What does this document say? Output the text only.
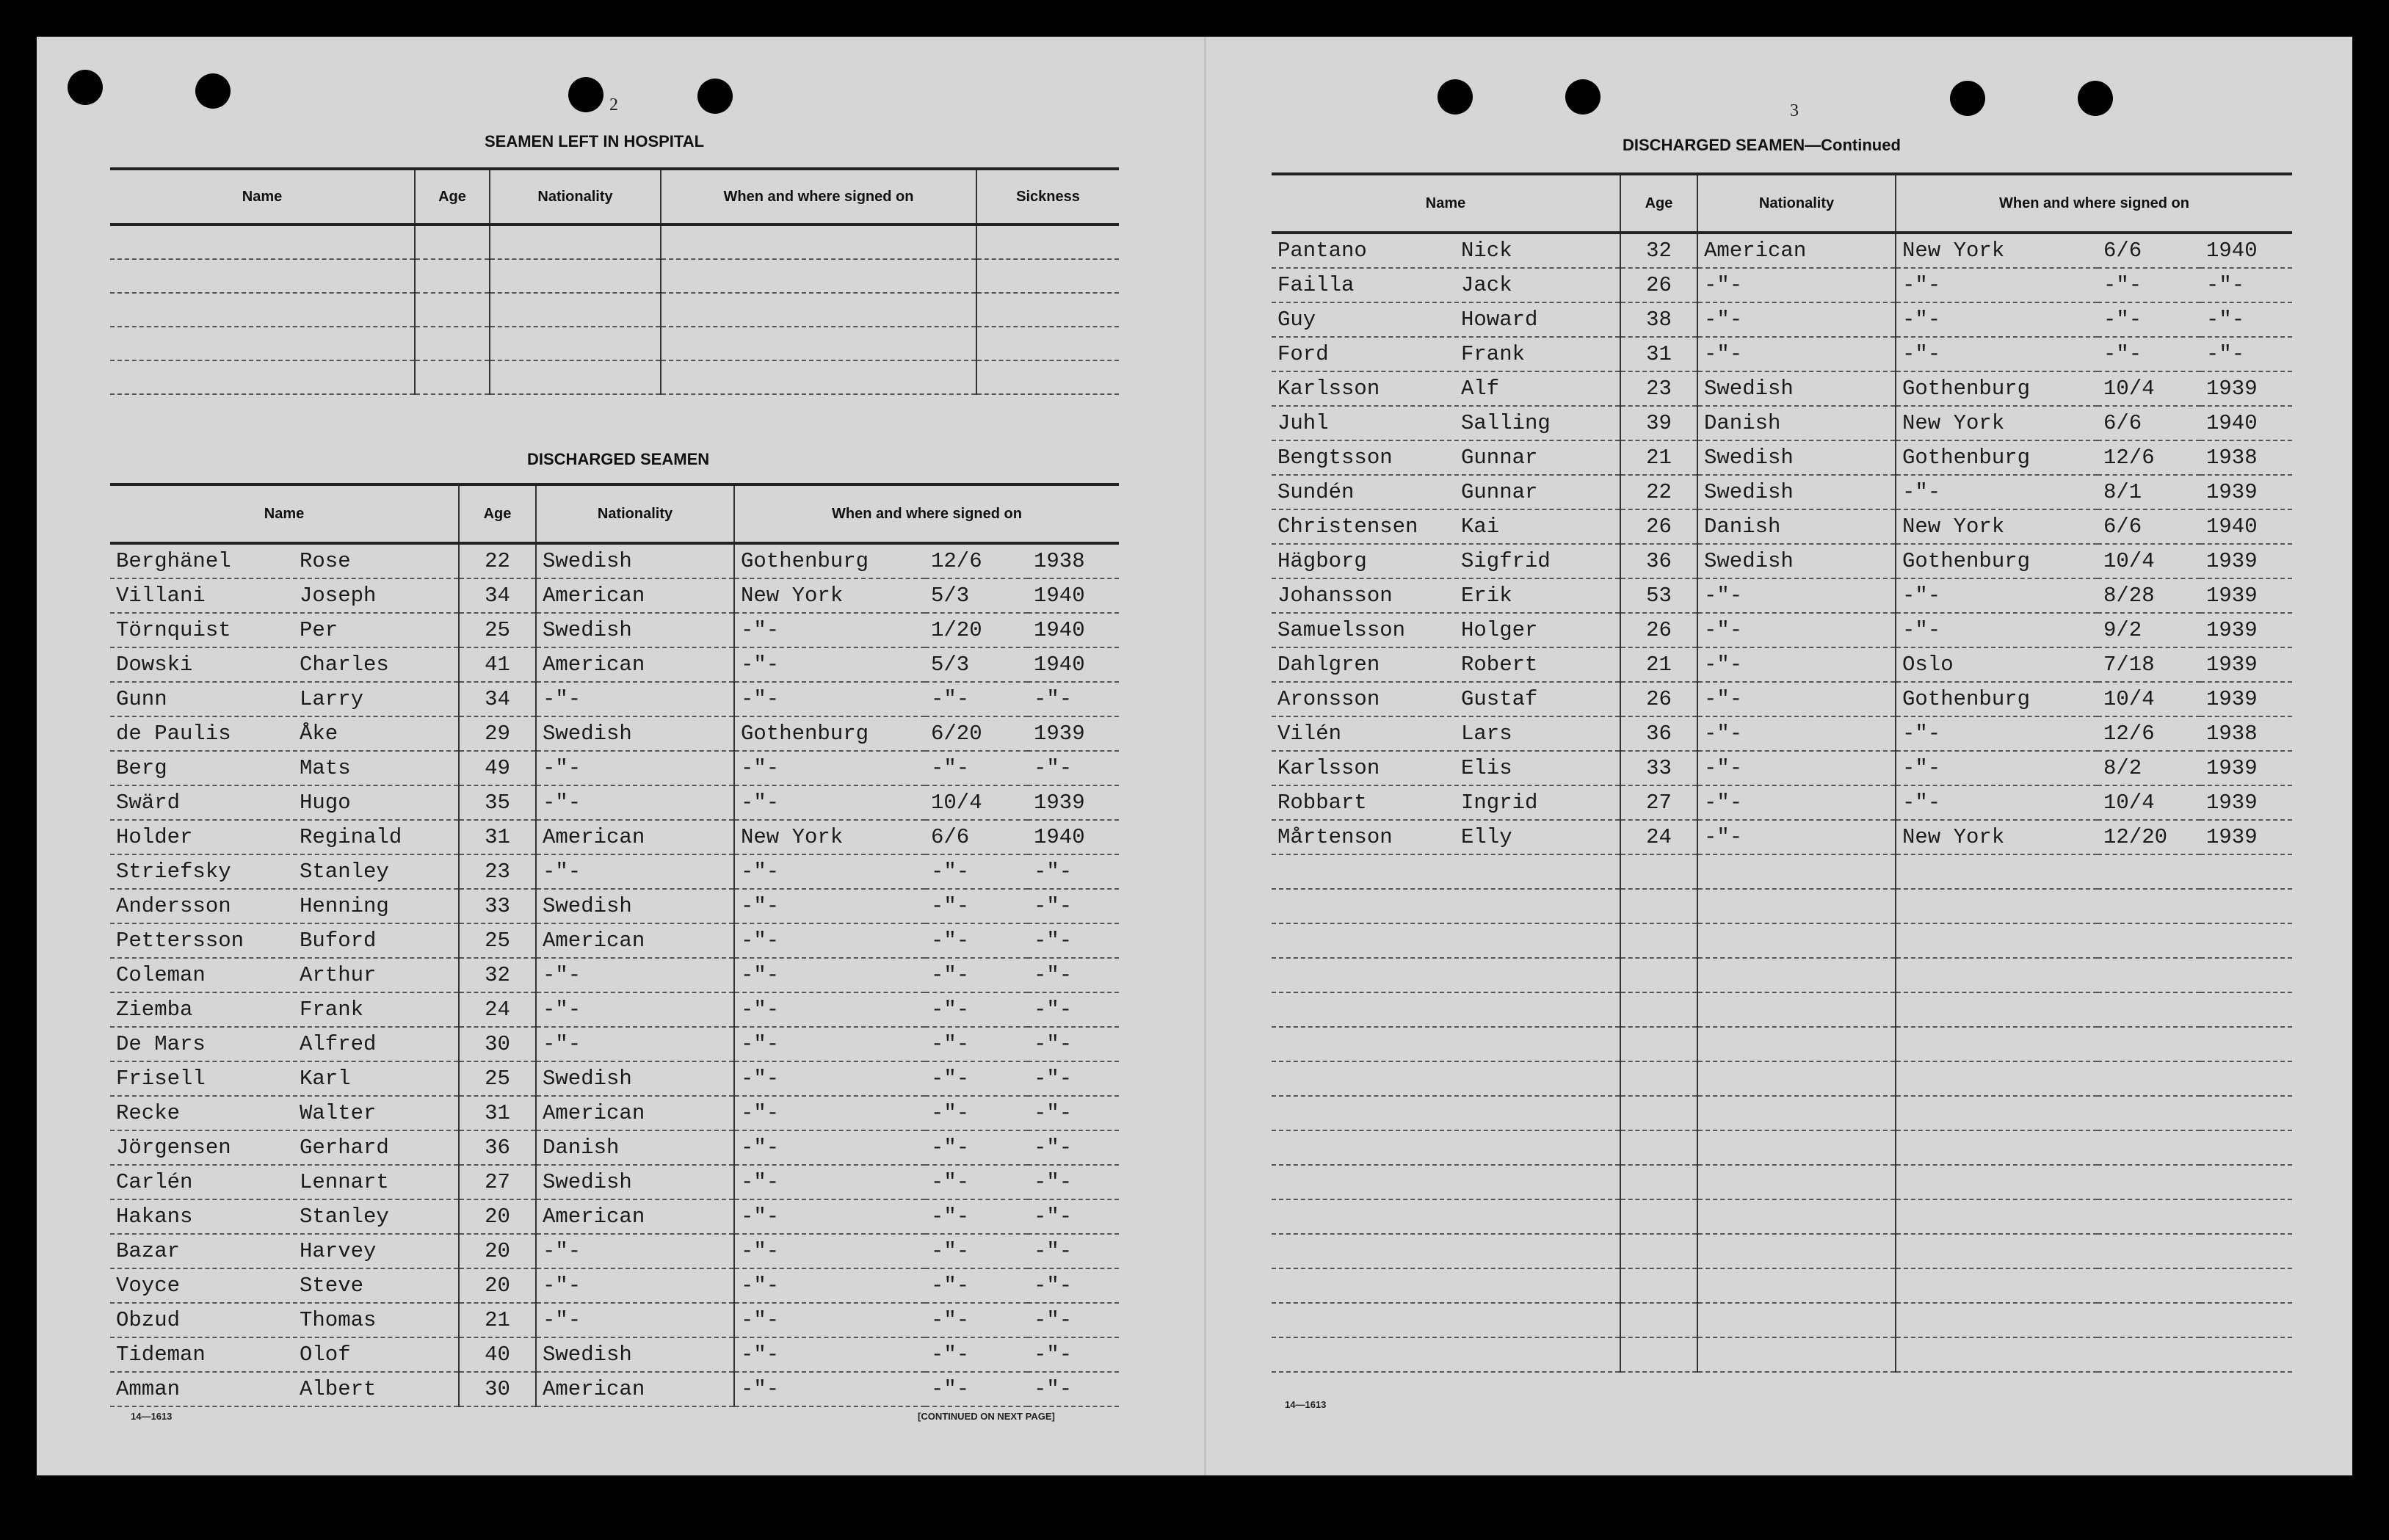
2
SEAMEN LEFT IN HOSPITAL
Name	Age	Nationality	When and where signed on	Sickness

DISCHARGED SEAMEN
Name	Age	Nationality	When and where signed on		
Berghänel Rose	22	Swedish	Gothenburg	12/6	1938
Villani Joseph	34	American	New York	5/3	1940
Törnquist Per	25	Swedish	-"-	1/20	1940
Dowski Charles	41	American	-"-	5/3	1940
Gunn Larry	34	-"-	-"-	-"-	-"-
de Paulis Åke	29	Swedish	Gothenburg	6/20	1939
Berg Mats	49	-"-	-"-	-"-	-"-
Swärd Hugo	35	-"-	-"-	10/4	1939
Holder Reginald	31	American	New York	6/6	1940
Striefsky Stanley	23	-"-	-"-	-"-	-"-
Andersson Henning	33	Swedish	-"-	-"-	-"-
Pettersson Buford	25	American	-"-	-"-	-"-
Coleman Arthur	32	-"-	-"-	-"-	-"-
Ziemba Frank	24	-"-	-"-	-"-	-"-
De Mars Alfred	30	-"-	-"-	-"-	-"-
Frisell Karl	25	Swedish	-"-	-"-	-"-
Recke Walter	31	American	-"-	-"-	-"-
Jörgensen Gerhard	36	Danish	-"-	-"-	-"-
Carlén Lennart	27	Swedish	-"-	-"-	-"-
Hakans Stanley	20	American	-"-	-"-	-"-
Bazar Harvey	20	-"-	-"-	-"-	-"-
Voyce Steve	20	-"-	-"-	-"-	-"-
Obzud Thomas	21	-"-	-"-	-"-	-"-
Tideman Olof	40	Swedish	-"-	-"-	-"-
Amman Albert	30	American	-"-	-"-	-"-
14—1613	[CONTINUED ON NEXT PAGE]
3
DISCHARGED SEAMEN—Continued
Name	Age	Nationality	When and where signed on		
Pantano Nick	32	American	New York	6/6	1940
Failla Jack	26	-"-	-"-	-"-	-"-
Guy Howard	38	-"-	-"-	-"-	-"-
Ford Frank	31	-"-	-"-	-"-	-"-
Karlsson Alf	23	Swedish	Gothenburg	10/4	1939
Juhl Salling	39	Danish	New York	6/6	1940
Bengtsson Gunnar	21	Swedish	Gothenburg	12/6	1938
Sundén Gunnar	22	Swedish	-"-	8/1	1939
Christensen Kai	26	Danish	New York	6/6	1940
Hägborg Sigfrid	36	Swedish	Gothenburg	10/4	1939
Johansson Erik	53	-"-	-"-	8/28	1939
Samuelsson Holger	26	-"-	-"-	9/2	1939
Dahlgren Robert	21	-"-	Oslo	7/18	1939
Aronsson Gustaf	26	-"-	Gothenburg	10/4	1939
Vilén Lars	36	-"-	-"-	12/6	1938
Karlsson Elis	33	-"-	-"-	8/2	1939
Robbart Ingrid	27	-"-	-"-	10/4	1939
Mårtenson Elly	24	-"-	New York	12/20	1939

14—1613
